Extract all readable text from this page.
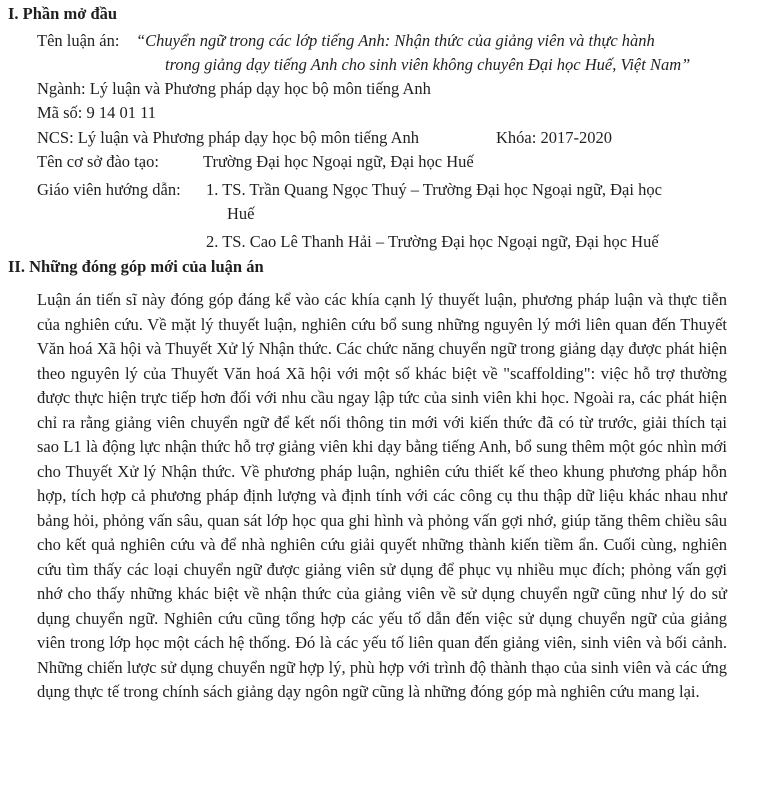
I. Phần mở đầu
Tên luận án: “Chuyển ngữ trong các lớp tiếng Anh: Nhận thức của giảng viên và thực hành
trong giảng dạy tiếng Anh cho sinh viên không chuyên Đại học Huế, Việt Nam”
Ngành: Lý luận và Phương pháp dạy học bộ môn tiếng Anh
Mã số: 9 14 01 11
NCS: Lý luận và Phương pháp dạy học bộ môn tiếng Anh	Khóa: 2017-2020
Tên cơ sở đào tạo:	Trường Đại học Ngoại ngữ, Đại học Huế
Giáo viên hướng dẫn: 1. TS. Trần Quang Ngọc Thuý – Trường Đại học Ngoại ngữ, Đại học
Huế
2. TS. Cao Lê Thanh Hải – Trường Đại học Ngoại ngữ, Đại học Huế
II. Những đóng góp mới của luận án

Luận án tiến sĩ này đóng góp đáng kể vào các khía cạnh lý thuyết luận, phương pháp luận và thực tiễn của nghiên cứu. Về mặt lý thuyết luận, nghiên cứu bổ sung những nguyên lý mới liên quan đến Thuyết Văn hoá Xã hội và Thuyết Xử lý Nhận thức. Các chức năng chuyển ngữ trong giảng dạy được phát hiện theo nguyên lý của Thuyết Văn hoá Xã hội với một số khác biệt về "scaffolding": việc hỗ trợ thường được thực hiện trực tiếp hơn đối với nhu cầu ngay lập tức của sinh viên khi học. Ngoài ra, các phát hiện chỉ ra rằng giảng viên chuyển ngữ để kết nối thông tin mới với kiến thức đã có từ trước, giải thích tại sao L1 là động lực nhận thức hỗ trợ giảng viên khi dạy bằng tiếng Anh, bổ sung thêm một góc nhìn mới cho Thuyết Xử lý Nhận thức. Về phương pháp luận, nghiên cứu thiết kế theo khung phương pháp hỗn hợp, tích hợp cả phương pháp định lượng và định tính với các công cụ thu thập dữ liệu khác nhau như bảng hỏi, phỏng vấn sâu, quan sát lớp học qua ghi hình và phỏng vấn gợi nhớ, giúp tăng thêm chiều sâu cho kết quả nghiên cứu và để nhà nghiên cứu giải quyết những thành kiến tiềm ẩn. Cuối cùng, nghiên cứu tìm thấy các loại chuyển ngữ được giảng viên sử dụng để phục vụ nhiều mục đích; phỏng vấn gợi nhớ cho thấy những khác biệt về nhận thức của giảng viên về sử dụng chuyển ngữ cũng như lý do sử dụng chuyển ngữ. Nghiên cứu cũng tổng hợp các yếu tố dẫn đến việc sử dụng chuyển ngữ của giảng viên trong lớp học một cách hệ thống. Đó là các yếu tố liên quan đến giảng viên, sinh viên và bối cảnh. Những chiến lược sử dụng chuyển ngữ hợp lý, phù hợp với trình độ thành thạo của sinh viên và các ứng dụng thực tế trong chính sách giảng dạy ngôn ngữ cũng là những đóng góp mà nghiên cứu mang lại.
